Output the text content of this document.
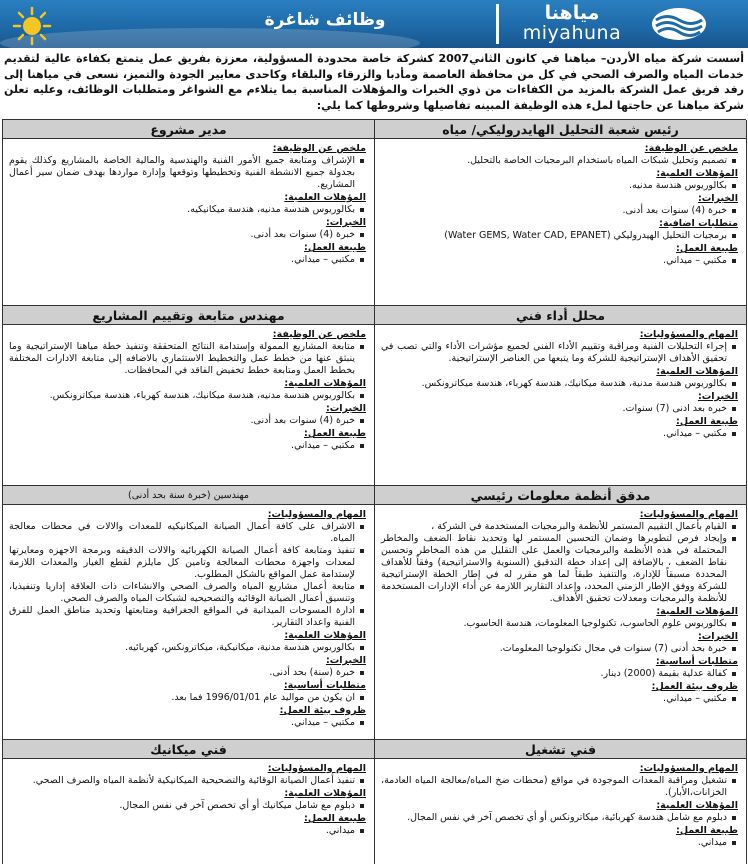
وظائف شاغرة	مياهنا
miyahuna
أسست شركة مياه الأردن– مياهنا في كانون الثاني2007 كشركة خاصة محدودة المسؤولية، معززة بفريق عمل يتمتع بكفاءة عالية لتقديم خدمات المياه والصرف الصحي في كل من محافظة العاصمة ومأدبا والزرقاء والبلقاء وكاحدى معايير الجودة والتميز، نسعى في مياهنا إلى رفد فريق عمل الشركة بالمزيد من الكفاءات من ذوي الخبرات والمؤهلات المناسبة بما يتلاءم مع الشواغر ومتطلبات الوظائف، وعليه تعلن شركة مياهنا عن حاجتها لملء هذه الوظيفة المبينه تفاصيلها وشروطها كما يلي:
رئيس شعبة التحليل الهايدروليكي/ مياه
ملخص عن الوظيفة:
تصميم وتحليل شبكات المياه باستخدام البرمجيات الخاصة بالتحليل.
المؤهلات العلمية:
بكالوريوس هندسة مدنيه.
الخبرات:
خبرة (4) سنوات بعد أدنى.
متطلبات اضافية:
برمجيات التحليل الهيدروليكي (Water GEMS, Water CAD, EPANET)
طبيعة العمل:
مكتبي – ميداني.
مدير مشروع
ملخص عن الوظيفة:
الإشراف ومتابعة جميع الأمور الفنية والهندسية والمالية الخاصة بالمشاريع وكذلك يقوم بجدولة جميع الانشطة الفنية وتخطيطها وتوقعها وإدارة مواردها بهدف ضمان سير أعمال المشاريع.
المؤهلات العلمية:
بكالوريوس هندسة مدنيه، هندسة ميكانيكيه.
الخبرات:
خبرة (4) سنوات بعد أدنى.
طبيعة العمل:
مكتبي – ميداني.
محلل أداء فني
المهام والمسؤوليات:
إجراء التحليلات الفنية ومراقبة وتقييم الأداء الفني لجميع مؤشرات الأداء والتي تصب في تحقيق الأهداف الإستراتيجية للشركة وما يتبعها من العناصر الإستراتيجية.
المؤهلات العلمية:
بكالوريوس هندسة مدنية، هندسة ميكانيك، هندسة كهرباء، هندسة ميكاترونكس.
الخبرات:
خبره بعد ادنى (7) سنوات.
طبيعة العمل:
مكتبي – ميداني.
مهندس متابعة وتقييم المشاريع
ملخص عن الوظيفة:
متابعة المشاريع الممولة وإستدامة النتائج المتحققة وتنفيذ خطة مياهنا الإستراتيجية وما ينبثق عنها من خطط عمل والتخطيط الاستثماري بالاضافه إلى متابعة الادارات المختلفة بخطط العمل ومتابعة خطط تخفيض الفاقد في المحافظات.
المؤهلات العلمية:
بكالوريوس هندسة مدنيه، هندسة ميكانيك، هندسة كهرباء، هندسة ميكاترونكس.
الخبرات:
خبرة (4) سنوات بعد أدنى.
طبيعة العمل:
مكتبي – ميداني.
مدقق أنظمة معلومات رئيسي
المهام والمسؤوليات:
القيام بأعمال التقييم المستمر للأنظمة والبرمجيات المستخدمة في الشركة ،
وإيجاد فرص لتطويرها وضمان التحسين المستمر لها وتحديد نقاط الضعف والمخاطر المحتملة في هذه الأنظمة والبرمجيات والعمل على التقليل من هذه المخاطر وتحسين نقاط الضعف ، بالإضافة إلى إعداد خطة التدقيق (السنوية والاستراتيجية) وفقاً للأهداف المحددة مسبقاً للإدارة، والتنفيذ طبقاً لما هو مقرر له في إطار الخطة الإستراتيجية للشركة ووفق الإطار الزمني المحدد، وإعداد التقارير اللازمة عن أداء الإدارات المستخدمة للأنظمة والبرمجيات ومعدلات تحقيق الأهداف.
المؤهلات العلمية:
بكالوريوس علوم الحاسوب، تكنولوجيا المعلومات، هندسة الحاسوب.
الخبرات:
خبرة بحد أدنى (7) سنوات في مجال تكنولوجيا المعلومات.
متطلبات أساسية:
كفالة عدلية بقيمة (2000) دينار.
ظروف بيئة العمل:
مكتبي – ميداني.
مهندسين (خبرة سنة بحد أدنى)
المهام والمسؤوليات:
الاشراف على كافة أعمال الصيانة الميكانيكيه للمعدات والالات في محطات معالجة المياه.
تنفيذ ومتابعة كافة أعمال الصيانة الكهربائيه والالات الدقيقه وبرمجة الاجهزه ومعايرتها لمعدات واجهزة محطات المعالجة وتامين كل مايلزم لقطع الغيار والمعدات اللازمة لإستدامة عمل المواقع بالشكل المطلوب.
متابعة أعمال مشاريع المياه والصرف الصحي والانشاءات ذات العلاقة إداريا وتنفيذيا، وتنسيق أعمال الصيانة الوقائيه والتصحيحيه لشبكات المياه والصرف الصحي.
ادارة المسوحات الميدانية في المواقع الجغرافية ومتابعتها وتحديد مناطق العمل للفرق الفنية واعداد التقارير.
المؤهلات العلمية:
بكالوريوس هندسة مدنية، ميكانيكية، ميكاترونكس، كهربائيه.
الخبرات:
خبرة (سنة) بحد أدنى.
متطلبات أساسية:
ان يكون من مواليد عام 1996/01/01 فما بعد.
ظروف بيئة العمل:
مكتبي – ميداني.
فني تشغيل
المهام والمسؤوليات:
تشغيل ومراقبة المعدات الموجودة في مواقع (محطات ضخ المياه/معالجة المياه العادمة، الخزانات،الأبار).
المؤهلات العلمية:
دبلوم مع شامل هندسة كهربائية، ميكاترونكس أو أي تخصص آخر في نفس المجال.
طبيعة العمل:
ميداني.
فني ميكانيك
المهام والمسؤوليات:
تنفيذ أعمال الصيانة الوقائية والتصحيحية الميكانيكية لأنظمة المياه والصرف الصحي.
المؤهلات العلمية:
دبلوم مع شامل ميكانيك أو أي تخصص آخر في نفس المجال.
طبيعة العمل:
ميداني.
